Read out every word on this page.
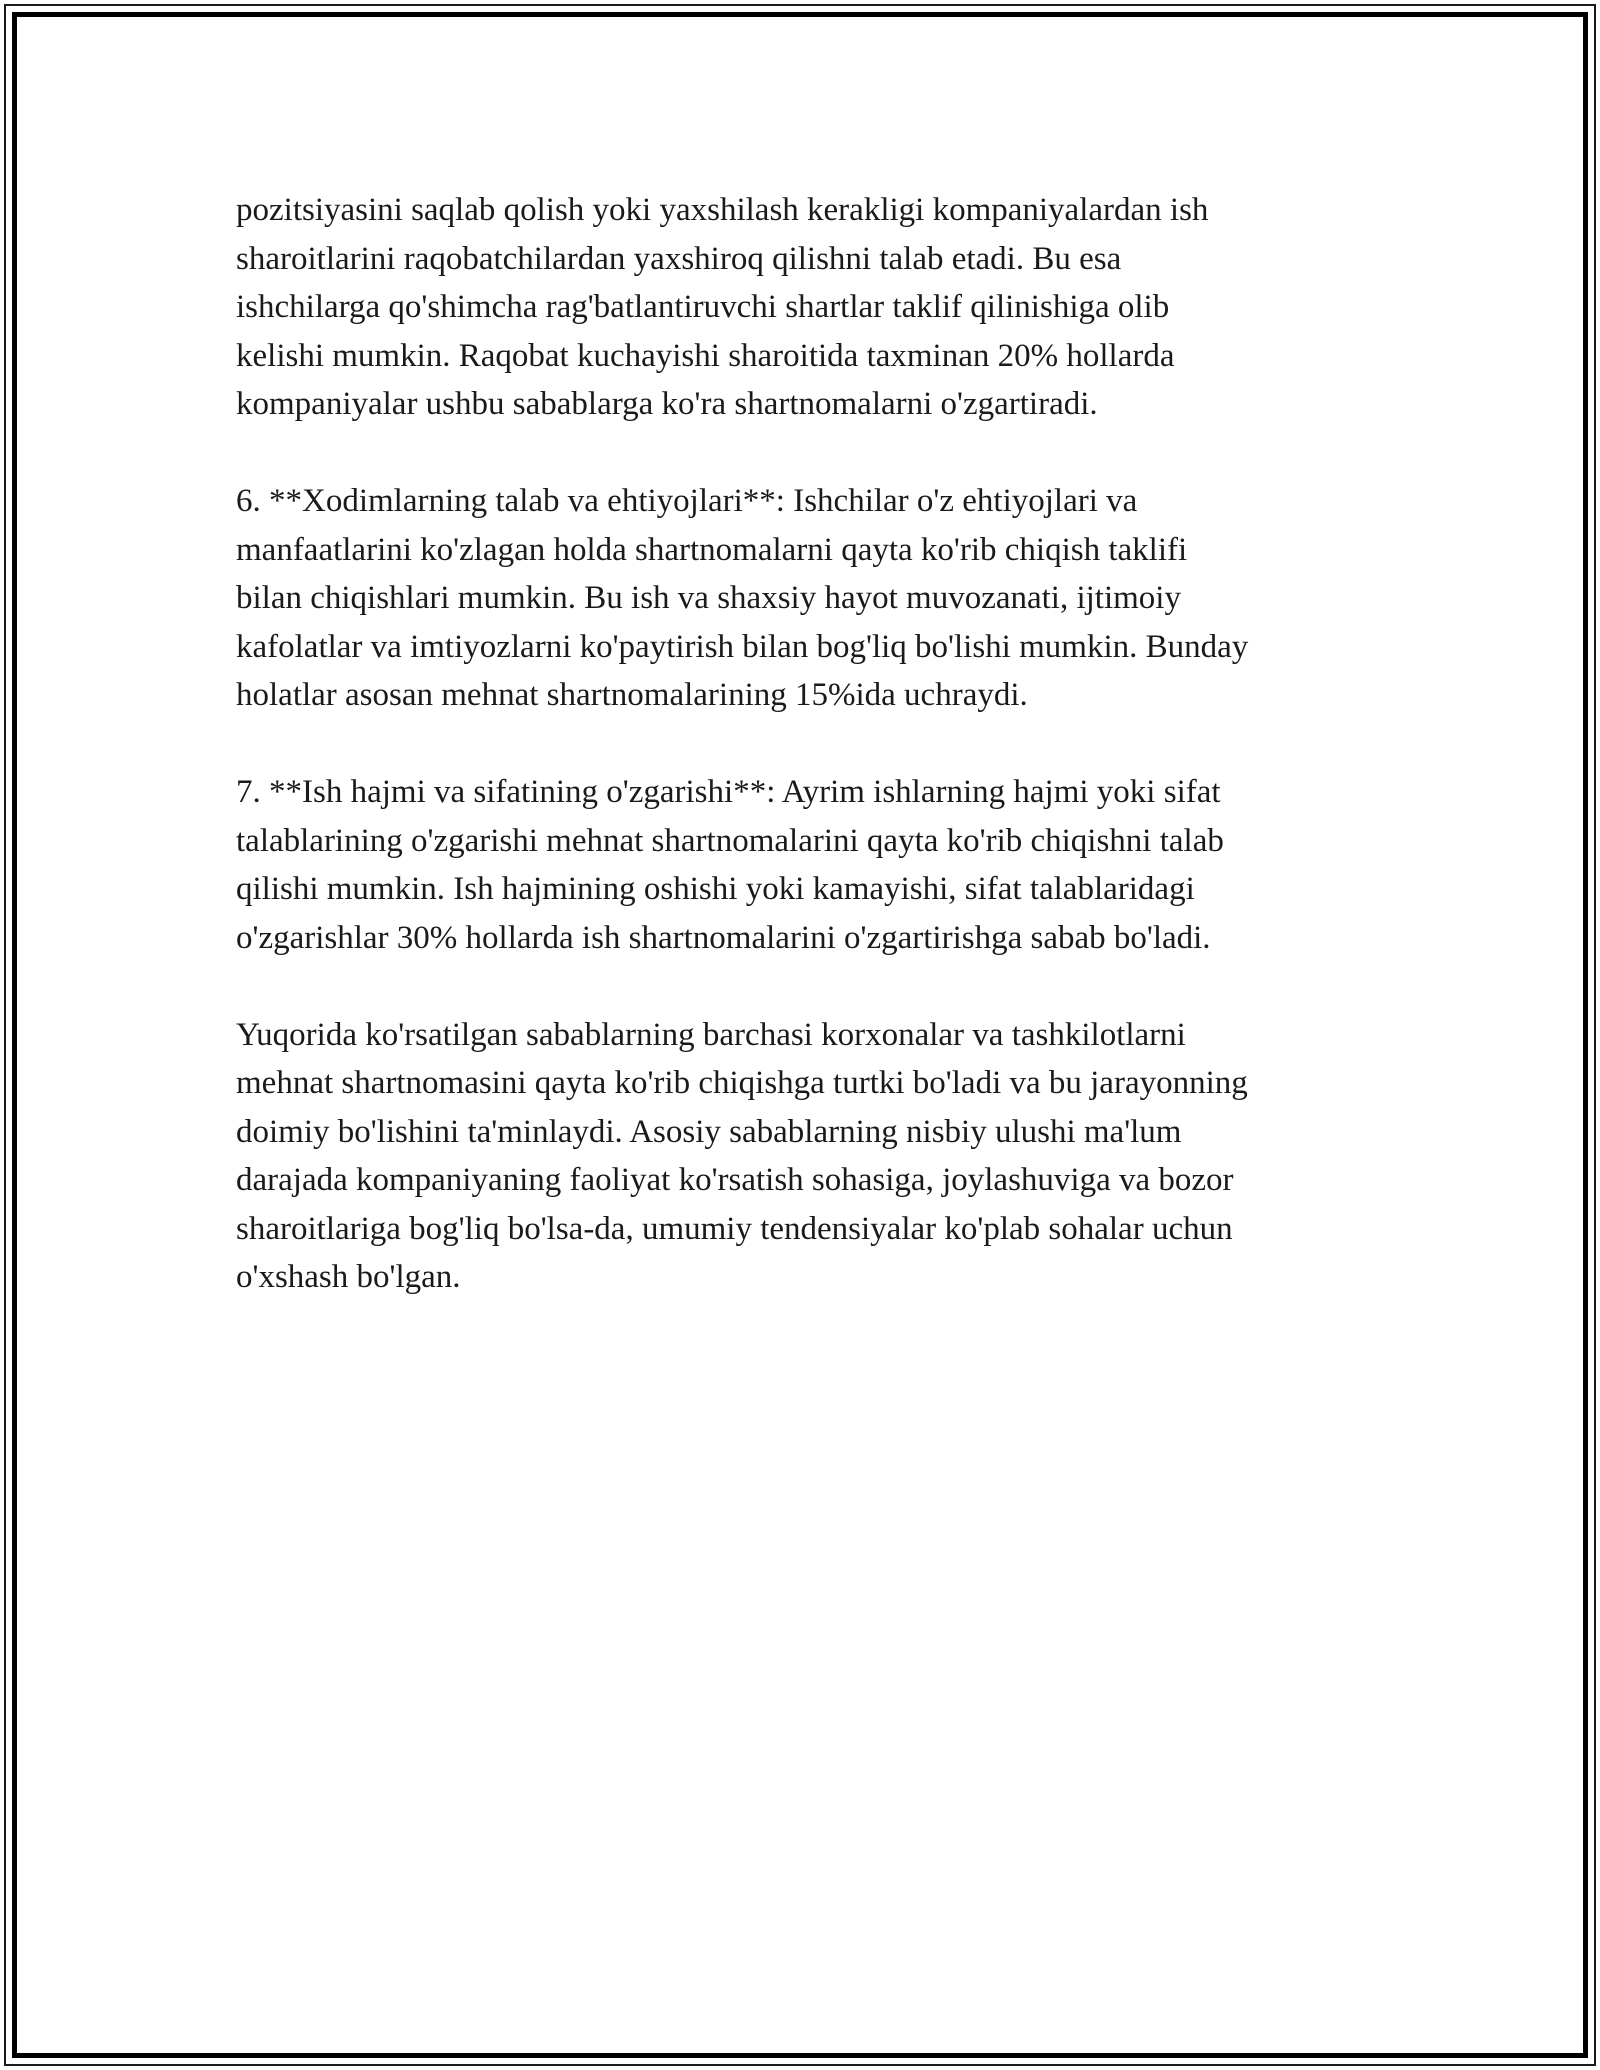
pozitsiyasini saqlab qolish yoki yaxshilash kerakligi kompaniyalardan ish
sharoitlarini raqobatchilardan yaxshiroq qilishni talab etadi. Bu esa
ishchilarga qo'shimcha rag'batlantiruvchi shartlar taklif qilinishiga olib
kelishi mumkin. Raqobat kuchayishi sharoitida taxminan 20% hollarda
kompaniyalar ushbu sabablarga ko'ra shartnomalarni o'zgartiradi.

6. **Xodimlarning talab va ehtiyojlari**: Ishchilar o'z ehtiyojlari va
manfaatlarini ko'zlagan holda shartnomalarni qayta ko'rib chiqish taklifi
bilan chiqishlari mumkin. Bu ish va shaxsiy hayot muvozanati, ijtimoiy
kafolatlar va imtiyozlarni ko'paytirish bilan bog'liq bo'lishi mumkin. Bunday
holatlar asosan mehnat shartnomalarining 15%ida uchraydi.

7. **Ish hajmi va sifatining o'zgarishi**: Ayrim ishlarning hajmi yoki sifat
talablarining o'zgarishi mehnat shartnomalarini qayta ko'rib chiqishni talab
qilishi mumkin. Ish hajmining oshishi yoki kamayishi, sifat talablaridagi
o'zgarishlar 30% hollarda ish shartnomalarini o'zgartirishga sabab bo'ladi.

Yuqorida ko'rsatilgan sabablarning barchasi korxonalar va tashkilotlarni
mehnat shartnomasini qayta ko'rib chiqishga turtki bo'ladi va bu jarayonning
doimiy bo'lishini ta'minlaydi. Asosiy sabablarning nisbiy ulushi ma'lum
darajada kompaniyaning faoliyat ko'rsatish sohasiga, joylashuviga va bozor
sharoitlariga bog'liq bo'lsa-da, umumiy tendensiyalar ko'plab sohalar uchun
o'xshash bo'lgan.
